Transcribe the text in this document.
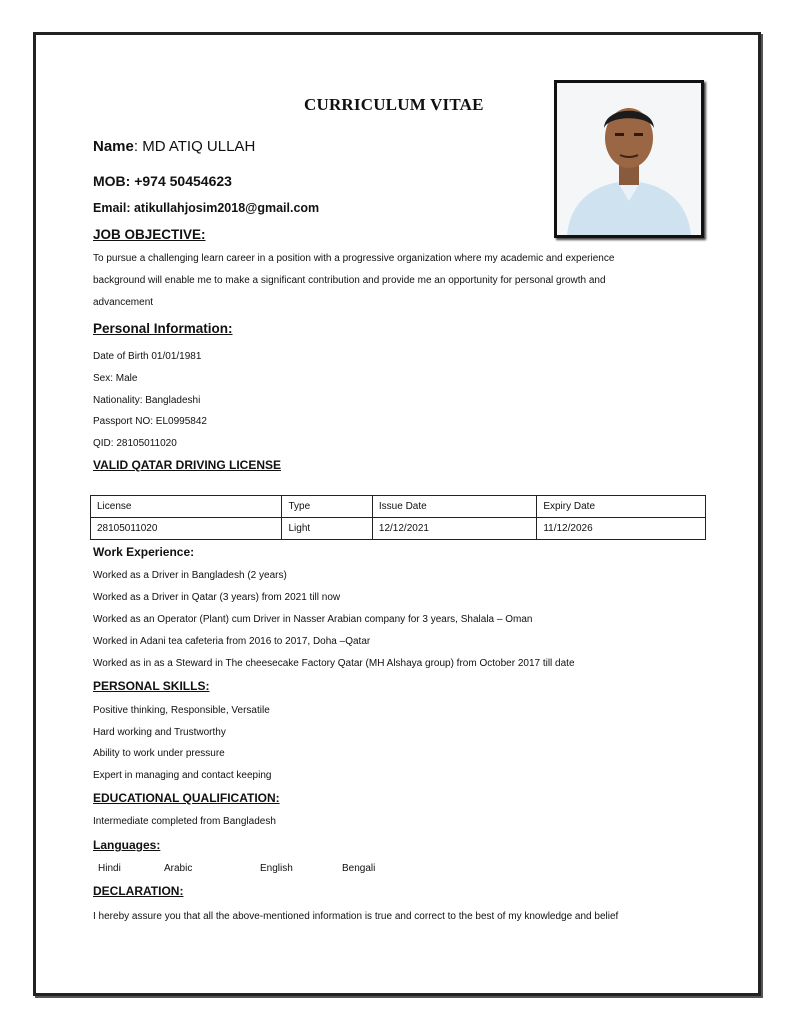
CURRICULUM VITAE
Name: MD ATIQ ULLAH
MOB: +974 50454623
Email: atikullahjosim2018@gmail.com
JOB OBJECTIVE:
To pursue a challenging learn career in a position with a progressive organization where my academic and experience background will enable me to make a significant contribution and provide me an opportunity for personal growth and advancement
Personal Information:
Date of Birth 01/01/1981
Sex: Male
Nationality: Bangladeshi
Passport NO: EL0995842
QID: 28105011020
VALID QATAR DRIVING LICENSE
License	Type	Issue Date	Expiry Date
28105011020	Light	12/12/2021	11/12/2026
Work Experience:
Worked as a Driver in Bangladesh (2 years)
Worked as a Driver in Qatar (3 years) from 2021 till now
Worked as an Operator (Plant) cum Driver in Nasser Arabian company for 3 years, Shalala – Oman
Worked in Adani tea cafeteria from 2016 to 2017, Doha –Qatar
Worked as in as a Steward in The cheesecake Factory Qatar (MH Alshaya group) from October 2017 till date
PERSONAL SKILLS:
Positive thinking, Responsible, Versatile
Hard working and Trustworthy
Ability to work under pressure
Expert in managing and contact keeping
EDUCATIONAL QUALIFICATION:
Intermediate completed from Bangladesh
Languages:
Hindi	Arabic	English	Bengali
DECLARATION:
I hereby assure you that all the above-mentioned information is true and correct to the best of my knowledge and belief
